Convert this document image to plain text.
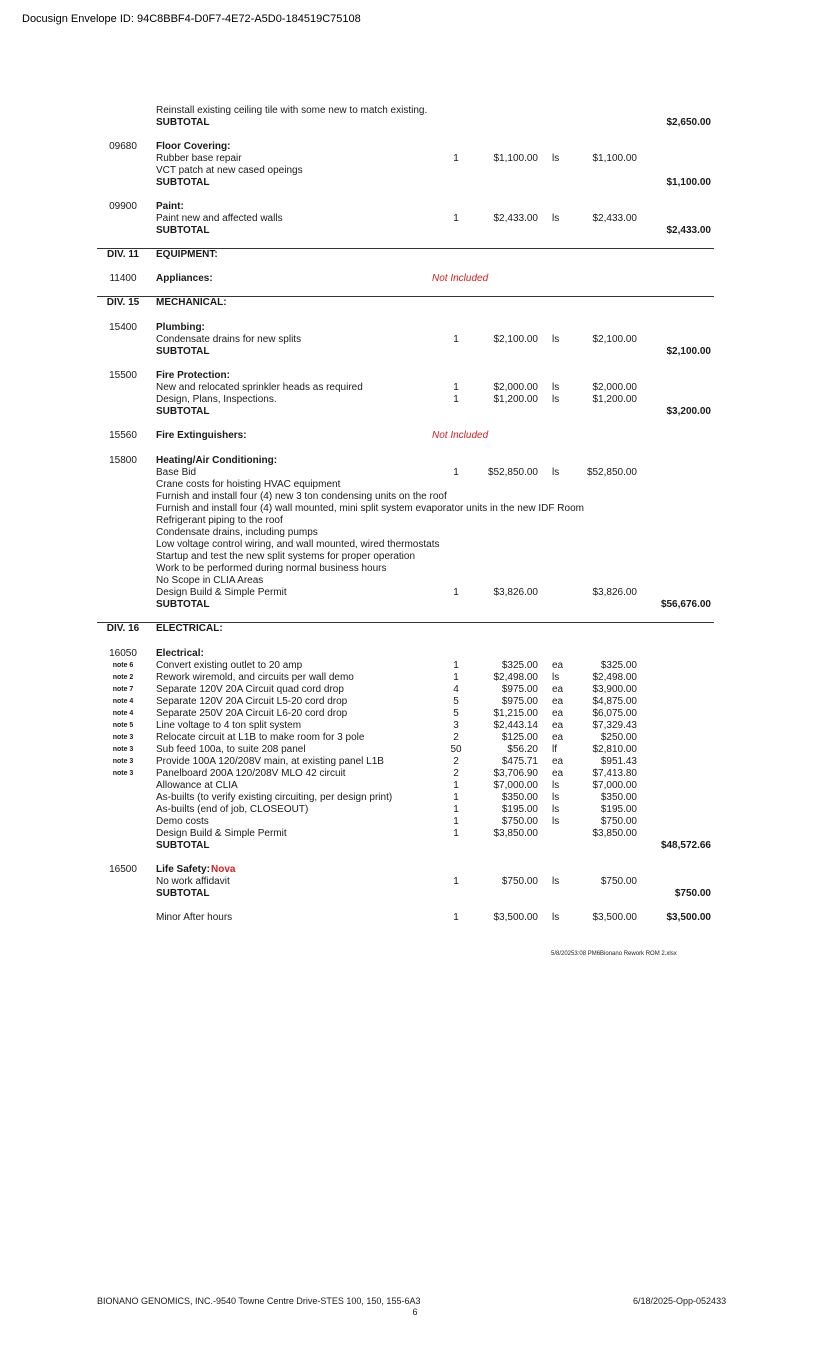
Docusign Envelope ID: 94C8BBF4-D0F7-4E72-A5D0-184519C75108
Reinstall existing ceiling tile with some new to match existing.
SUBTOTAL	$2,650.00
09680	Floor Covering:
Rubber base repair	1	$1,100.00 ls	$1,100.00
VCT patch at new cased opeings
SUBTOTAL	$1,100.00
09900	Paint:
Paint new and affected walls	1	$2,433.00 ls	$2,433.00
SUBTOTAL	$2,433.00
DIV. 11	EQUIPMENT:
11400	Appliances:	Not Included
DIV. 15	MECHANICAL:
15400	Plumbing:
Condensate drains for new splits	1	$2,100.00 ls	$2,100.00
SUBTOTAL	$2,100.00
15500	Fire Protection:
New and relocated sprinkler heads as required	1	$2,000.00 ls	$2,000.00
Design, Plans, Inspections.	1	$1,200.00 ls	$1,200.00
SUBTOTAL	$3,200.00
15560	Fire Extinguishers:	Not Included
15800	Heating/Air Conditioning:
Base Bid	1	$52,850.00 ls	$52,850.00
Crane costs for hoisting HVAC equipment
Furnish and install four (4) new 3 ton condensing units on the roof
Furnish and install four (4) wall mounted, mini split system evaporator units in the new IDF Room
Refrigerant piping to the roof
Condensate drains, including pumps
Low voltage control wiring, and wall mounted, wired thermostats
Startup and test the new split systems for proper operation
Work to be performed during normal business hours
No Scope in CLIA Areas
Design Build & Simple Permit	1	$3,826.00	$3,826.00
SUBTOTAL	$56,676.00
DIV. 16	ELECTRICAL:
16050	Electrical:
note 6	Convert existing outlet to 20 amp	1	$325.00 ea	$325.00
note 2	Rework wiremold, and circuits per wall demo	1	$2,498.00 ls	$2,498.00
note 7	Separate 120V 20A Circuit quad cord drop	4	$975.00 ea	$3,900.00
note 4	Separate 120V 20A Circuit L5-20 cord drop	5	$975.00 ea	$4,875.00
note 4	Separate 250V 20A Circuit L6-20 cord drop	5	$1,215.00 ea	$6,075.00
note 5	Line voltage to 4 ton split system	3	$2,443.14 ea	$7,329.43
note 3	Relocate circuit at L1B to make room for 3 pole	2	$125.00 ea	$250.00
note 3	Sub feed 100a, to suite 208 panel	50	$56.20 lf	$2,810.00
note 3	Provide 100A 120/208V main, at existing panel L1B	2	$475.71 ea	$951.43
note 3	Panelboard 200A 120/208V MLO 42 circuit	2	$3,706.90 ea	$7,413.80
Allowance at CLIA	1	$7,000.00 ls	$7,000.00
As-builts (to verify existing circuiting, per design print)	1	$350.00 ls	$350.00
As-builts (end of job, CLOSEOUT)	1	$195.00 ls	$195.00
Demo costs	1	$750.00 ls	$750.00
Design Build & Simple Permit	1	$3,850.00	$3,850.00
SUBTOTAL	$48,572.66
16500	Life Safety: Nova
No work affidavit	1	$750.00 ls	$750.00
SUBTOTAL	$750.00
Minor After hours	1	$3,500.00 ls	$3,500.00	$3,500.00
5/8/20253:08 PM6Bionano Rework ROM 2.xlsx
BIONANO GENOMICS, INC.-9540 Towne Centre Drive-STES 100, 150, 155-6A3
6
6/18/2025-Opp-052433
